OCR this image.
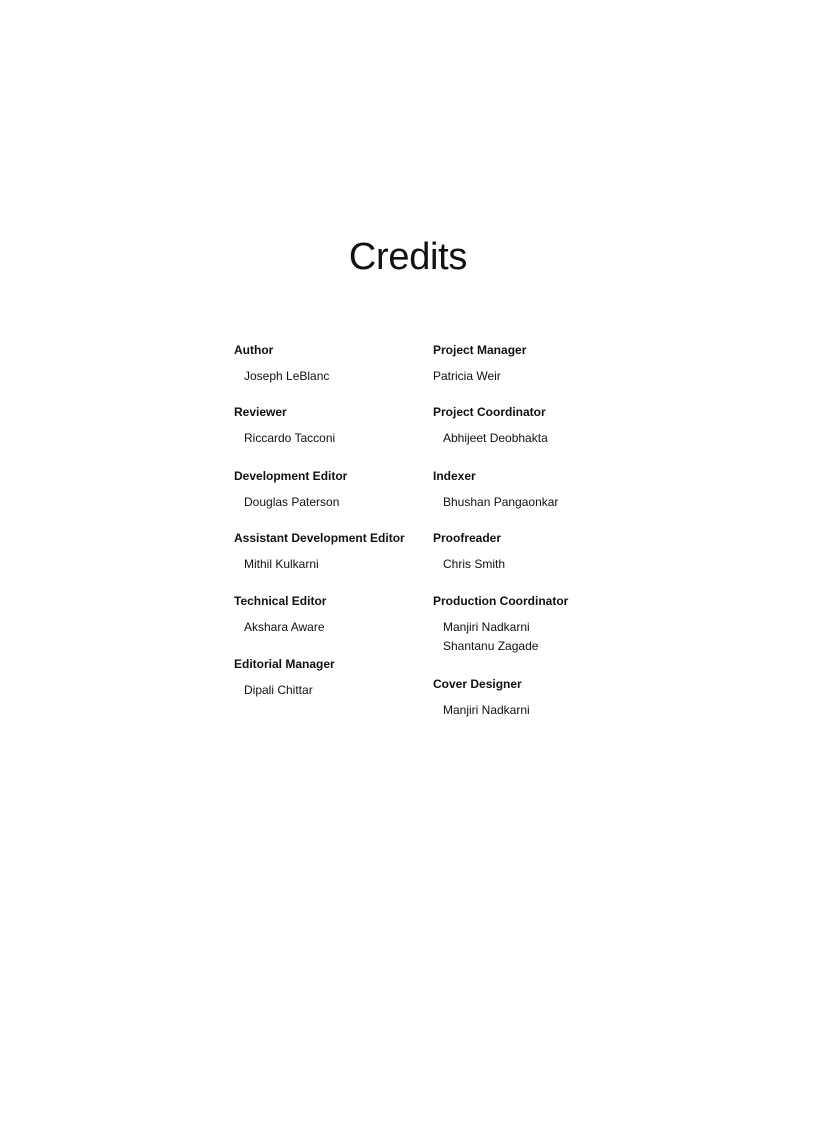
Credits
Author
Joseph LeBlanc
Reviewer
Riccardo Tacconi
Development Editor
Douglas Paterson
Assistant Development Editor
Mithil Kulkarni
Technical Editor
Akshara Aware
Editorial Manager
Dipali Chittar
Project Manager
Patricia Weir
Project Coordinator
Abhijeet Deobhakta
Indexer
Bhushan Pangaonkar
Proofreader
Chris Smith
Production Coordinator
Manjiri Nadkarni
Shantanu Zagade
Cover Designer
Manjiri Nadkarni
